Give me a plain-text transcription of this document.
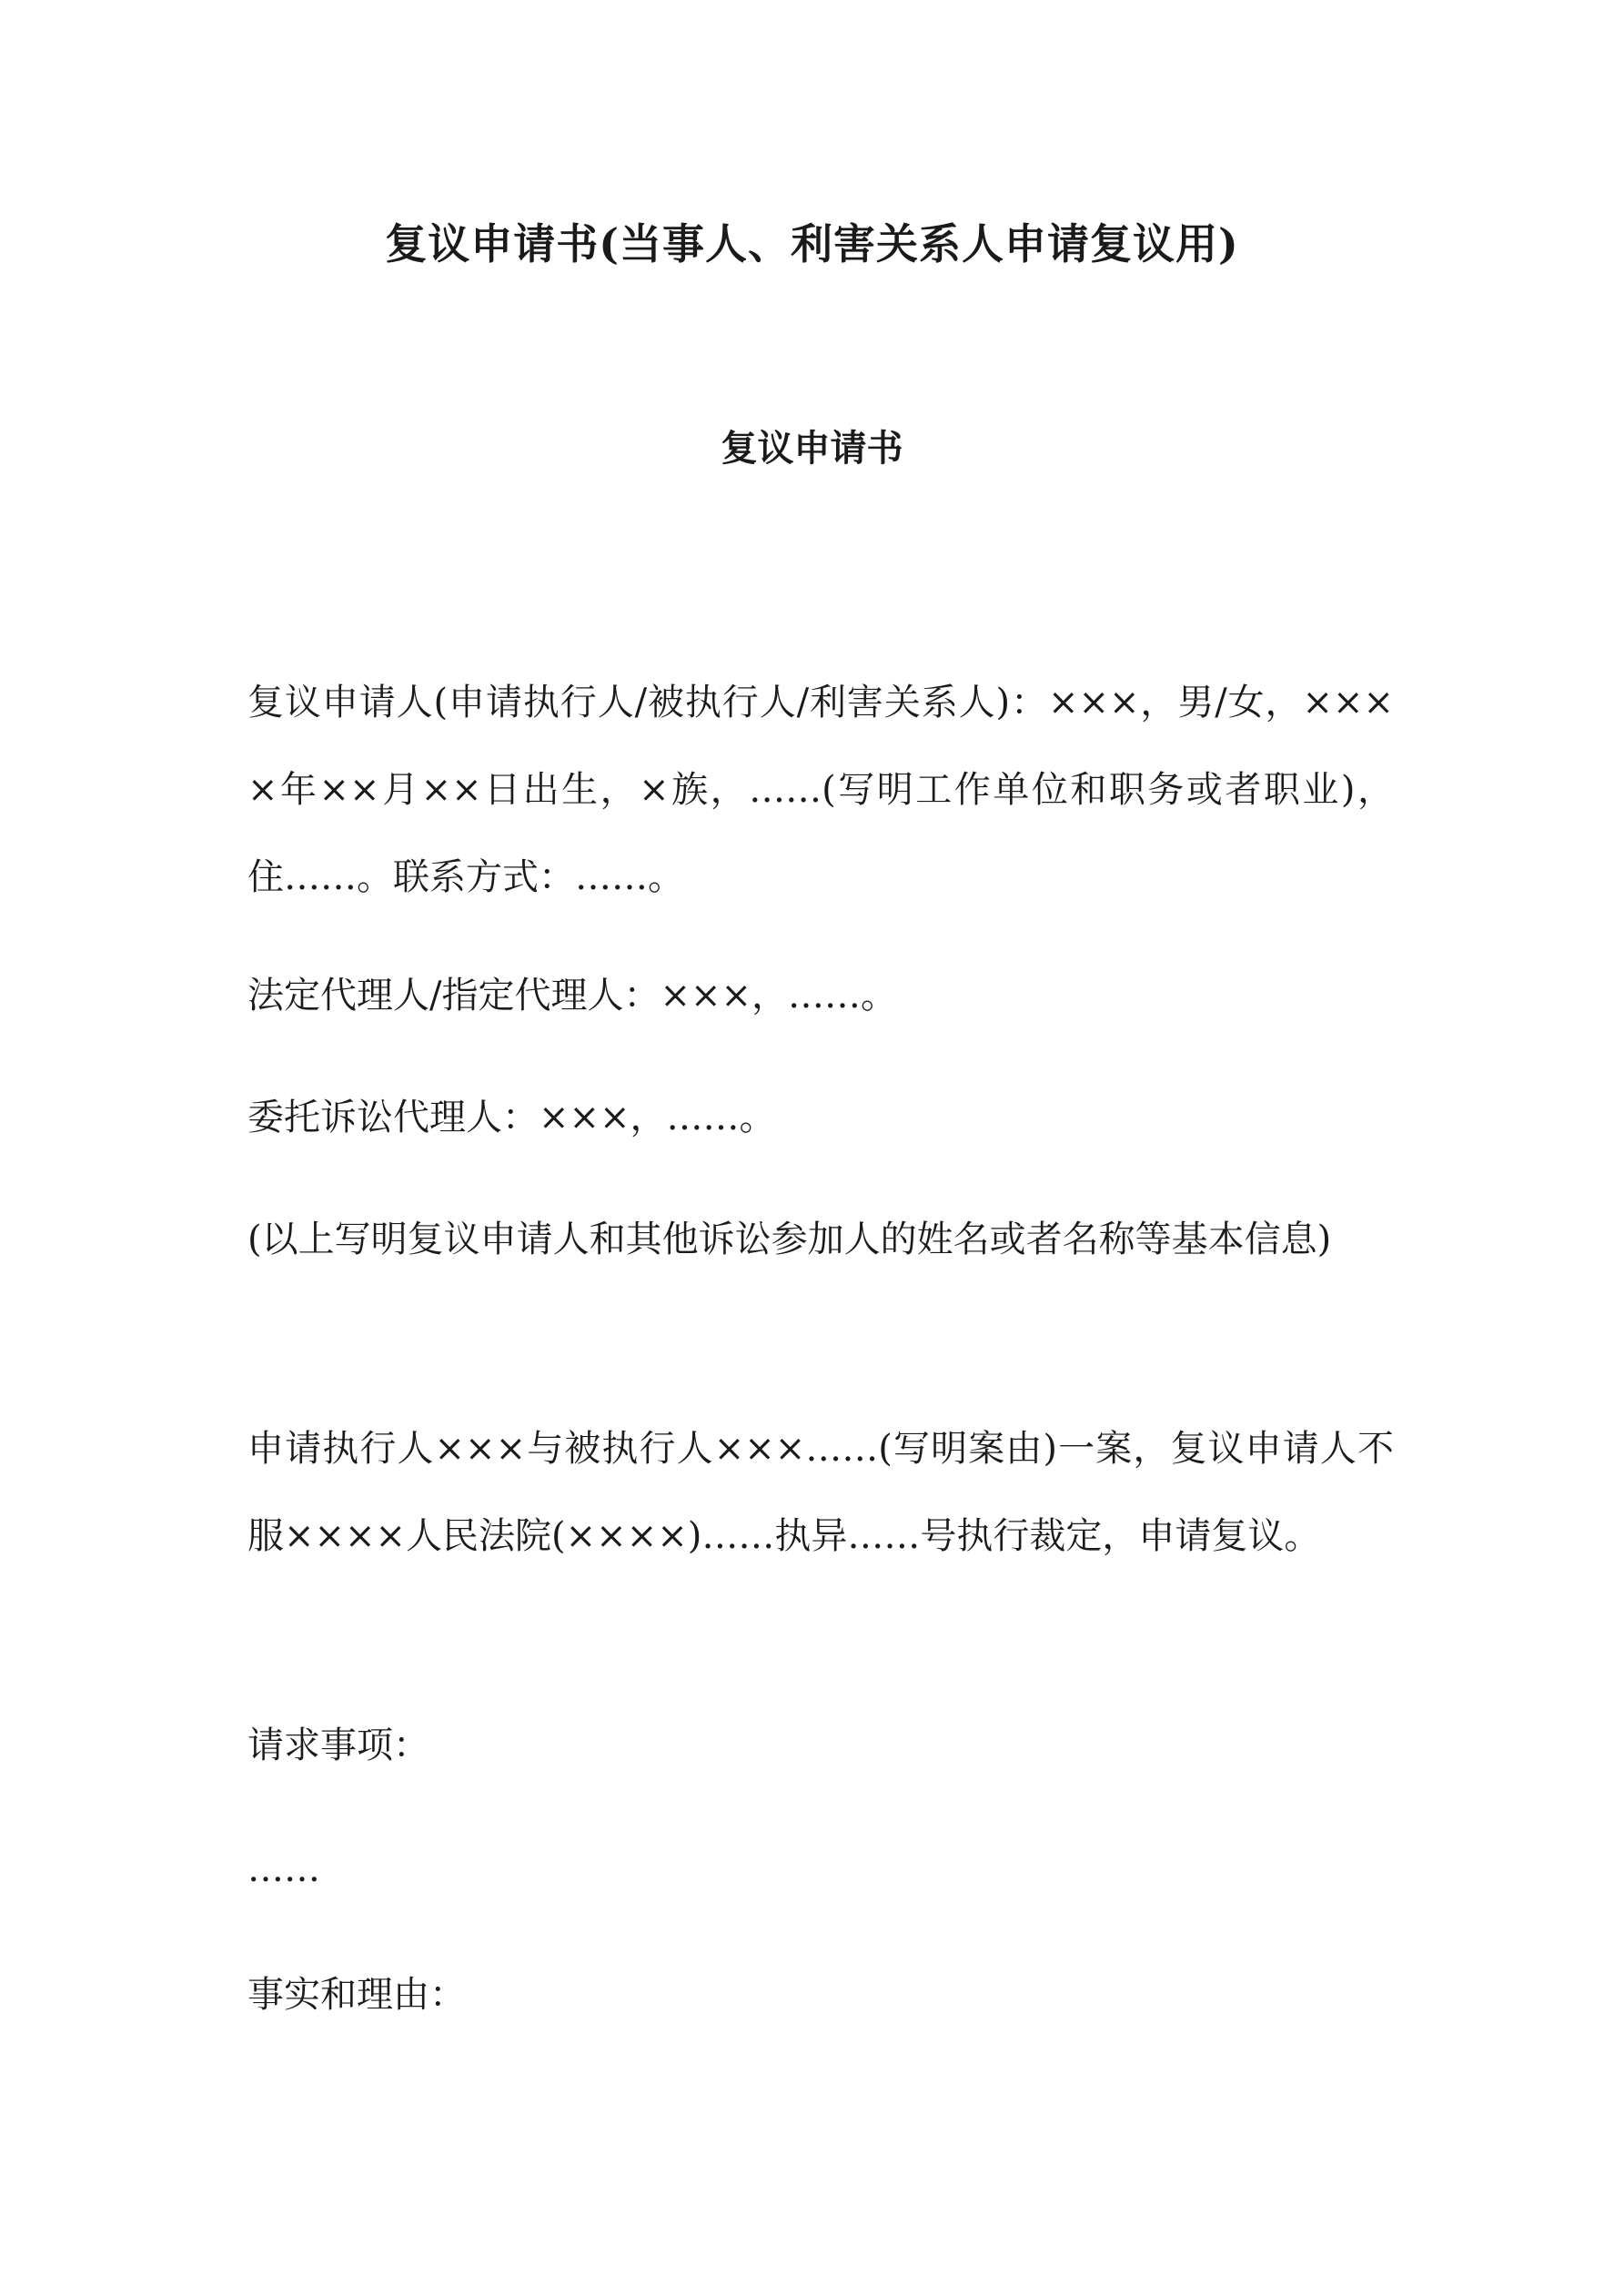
复议申请书(当事人、利害关系人申请复议用)
复议申请书

复议申请人(申请执行人/被执行人/利害关系人)：×××，男/女，××××年××月××日出生，×族，……(写明工作单位和职务或者职业)，住……。联系方式：……。

法定代理人/指定代理人：×××，……。

委托诉讼代理人：×××，……。

(以上写明复议申请人和其他诉讼参加人的姓名或者名称等基本信息)

申请执行人×××与被执行人×××……(写明案由)一案，复议申请人不服××××人民法院(××××)……执异……号执行裁定，申请复议。

请求事项：

……

事实和理由：
